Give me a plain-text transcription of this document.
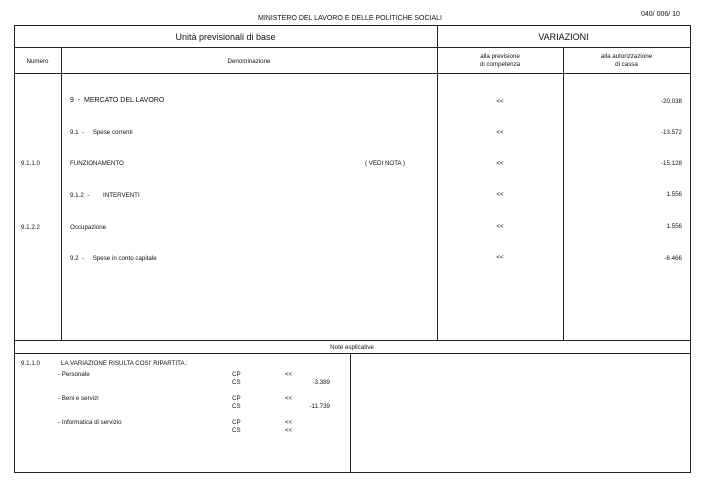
040/ 006/ 10
MINISTERO DEL LAVORO E DELLE POLITICHE SOCIALI
Unità previsionali di base	VARIAZIONI
Numero	Denominazione
alla previsione
di competenza
alla autorizzazione
di cassa
9  -  MERCATO DEL LAVORO	<<	-20.038
9.1  -     Spese correnti	<<	-13.572
9.1.1.0	FUNZIONAMENTO	( VEDI NOTA )	<<	-15.128
9.1.2  -        INTERVENTI	<<	1.556
9.1.2.2	Occupazione	<<	1.556
9.2  -     Spese in conto capitale	<<	-6.466
Note esplicative
9.1.1.0	LA VARIAZIONE RISULTA COSI' RIPARTITA :
- Personale	CP	<<
CS	-3.389
- Beni e servizi	CP	<<
CS	-11.739
- Informatica di servizio	CP	<<
CS	<<
